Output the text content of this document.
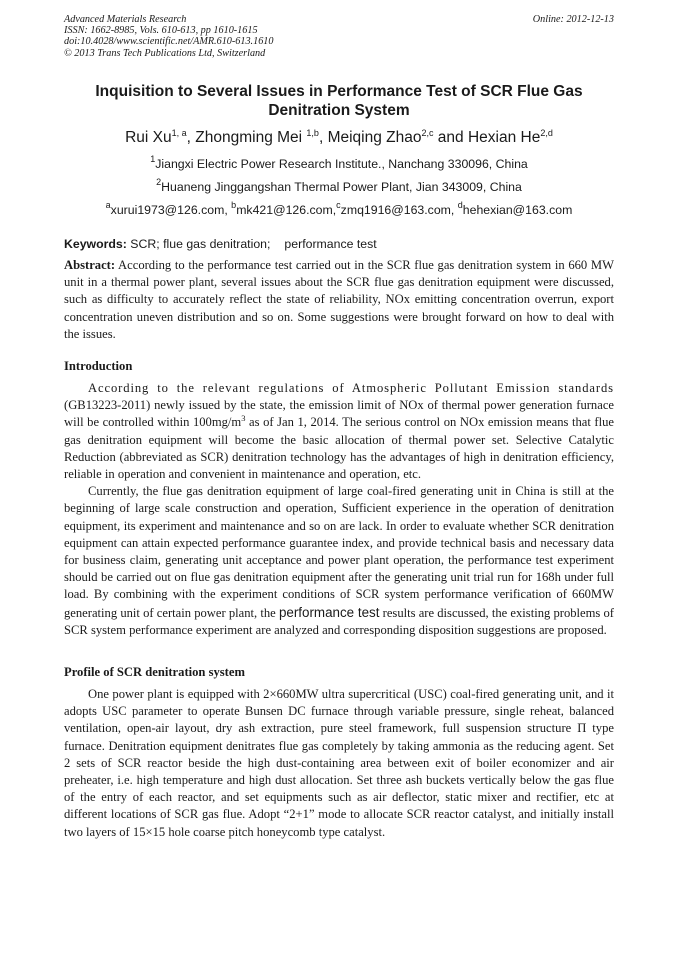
Advanced Materials Research
ISSN: 1662-8985, Vols. 610-613, pp 1610-1615
doi:10.4028/www.scientific.net/AMR.610-613.1610
© 2013 Trans Tech Publications Ltd, Switzerland
Online: 2012-12-13
Inquisition to Several Issues in Performance Test of SCR Flue Gas Denitration System
Rui Xu$^{1, a}$, Zhongming Mei $^{1,b}$, Meiqing Zhao$^{2,c}$ and Hexian He$^{2,d}$
$^1$Jiangxi Electric Power Research Institute., Nanchang 330096, China
$^2$Huaneng Jinggangshan Thermal Power Plant, Jian 343009, China
$^a$xurui1973@126.com, $^b$mk421@126.com,$^c$zmq1916@163.com, $^d$hehexian@163.com
Keywords: SCR; flue gas denitration; performance test
Abstract: According to the performance test carried out in the SCR flue gas denitration system in 660 MW unit in a thermal power plant, several issues about the SCR flue gas denitration equipment were discussed, such as difficulty to accurately reflect the state of reliability, NOx emitting concentration overrun, export concentration uneven distribution and so on. Some suggestions were brought forward on how to deal with the issues.
Introduction

According to the relevant regulations of Atmospheric Pollutant Emission standards (GB13223-2011) newly issued by the state, the emission limit of NOx of thermal power generation furnace will be controlled within $100mg/m^3$ as of Jan 1, 2014. The serious control on NOx emission means that flue gas denitration equipment will become the basic allocation of thermal power set. Selective Catalytic Reduction (abbreviated as SCR) denitration technology has the advantages of high in denitration efficiency, reliable in operation and convenient in maintenance and operation, etc.

Currently, the flue gas denitration equipment of large coal-fired generating unit in China is still at the beginning of large scale construction and operation, Sufficient experience in the operation of denitration equipment, its experiment and maintenance and so on are lack. In order to evaluate whether SCR denitration equipment can attain expected performance guarantee index, and provide technical basis and necessary data for business claim, generating unit acceptance and power plant operation, the performance test experiment should be carried out on flue gas denitration equipment after the generating unit trial run for 168h under full load. By combining with the experiment conditions of SCR system performance verification of 660MW generating unit of certain power plant, the performance test results are discussed, the existing problems of SCR system performance experiment are analyzed and corresponding disposition suggestions are proposed.

Profile of SCR denitration system

One power plant is equipped with 2×660MW ultra supercritical (USC) coal-fired generating unit, and it adopts USC parameter to operate Bunsen DC furnace through variable pressure, single reheat, balanced ventilation, open-air layout, dry ash extraction, pure steel framework, full suspension structure Π type furnace. Denitration equipment denitrates flue gas completely by taking ammonia as the reducing agent. Set 2 sets of SCR reactor beside the high dust-containing area between exit of boiler economizer and air preheater, i.e. high temperature and high dust allocation. Set three ash buckets vertically below the gas flue of the entry of each reactor, and set equipments such as air deflector, static mixer and rectifier, etc at different locations of SCR gas flue. Adopt “2+1” mode to allocate SCR reactor catalyst, and initially install two layers of 15×15 hole coarse pitch honeycomb type catalyst.
